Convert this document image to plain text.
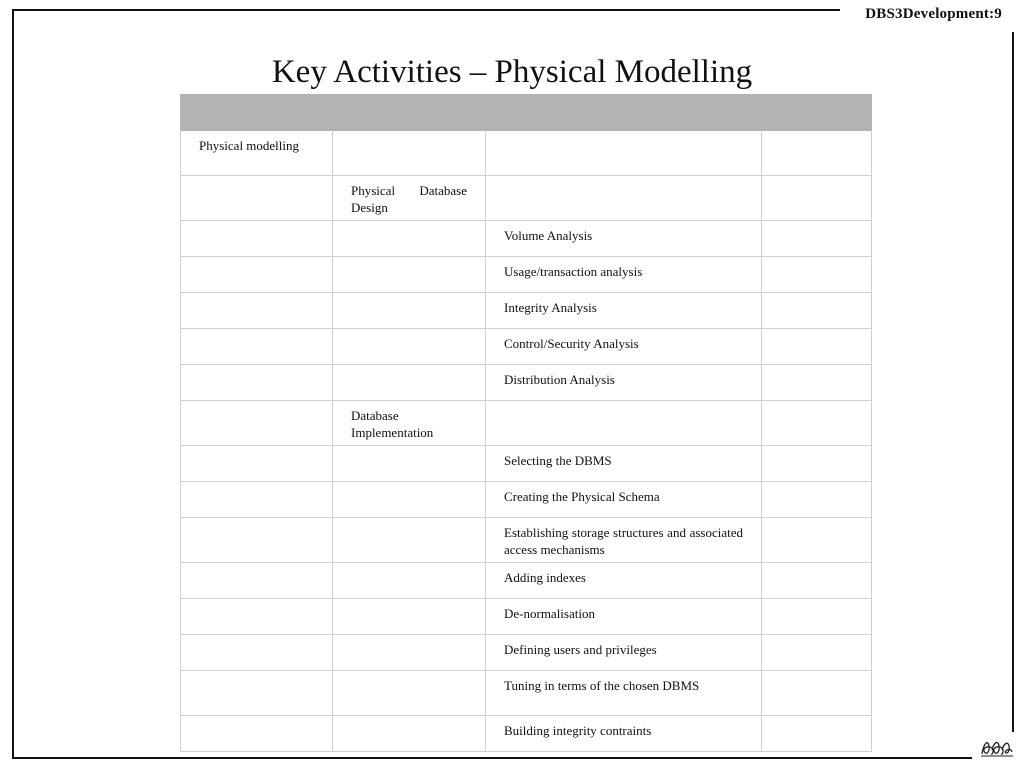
DBS3Development:9
Key Activities – Physical Modelling

Physical modelling			
	Physical Database Design		
		Volume Analysis	
		Usage/transaction analysis	
		Integrity Analysis	
		Control/Security Analysis	
		Distribution Analysis	
	Database Implementation		
		Selecting the DBMS	
		Creating the Physical Schema	
		Establishing storage structures and associated access mechanisms	
		Adding indexes	
		De-normalisation	
		Defining users and privileges	
		Tuning in terms of the chosen DBMS	
		Building integrity contraints	
